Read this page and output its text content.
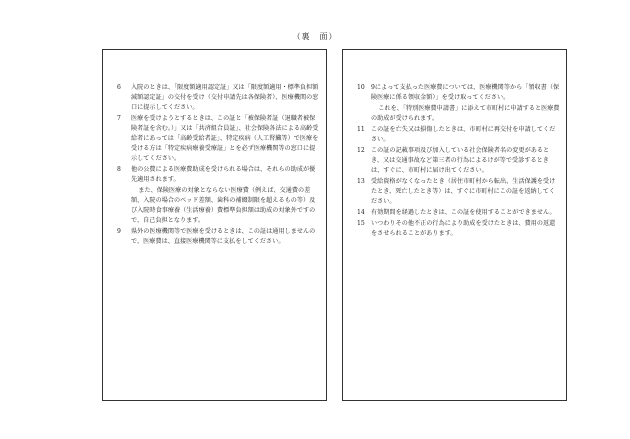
（裏　面）
6	入院のときは、「限度額適用認定証」又は「限度額適用・標準負担額減額認定証」の交付を受け（交付申請先は各保険者）、医療機関の窓口に提示してください。
7	医療を受けようとするときは、この証と「被保険者証（退職者被保険者証を含む。）」又は「共済組合員証」、社会保険各法による高齢受給者にあっては「高齢受給者証」、特定疾病（人工腎臓等）で医療を受ける方は「特定疾病療養受療証」とを必ず医療機関等の窓口に提示してください。
8	他の公費による医療費助成を受けられる場合は、それらの助成が優先適用されます。
また、保険医療の対象とならない医療費（例えば、交通費の差額、入院の場合のベッド差額、歯科の補綴制限を超えるもの等）及び入院時食事療養（生活療養）費標準負担額は助成の対象外ですので、自己負担となります。
9	県外の医療機関等で医療を受けるときは、この証は通用しませんので、医療費は、直接医療機関等に支払をしてください。
10	9によって支払った医療費については、医療機関等から「領収書（保険医療に係る領収金額）」を受け取ってください。
これを、「特別医療費申請書」に添えて市町村に申請すると医療費の助成が受けられます。
11	この証を亡失又は損傷したときは、市町村に再交付を申請してください。
12	この証の記載事項及び加入している社会保険者名の変更があるとき、又は交通事故など第三者の行為によるけが等で受診するときは、すぐに、市町村に届け出てください。
13	受給資格がなくなったとき（居住市町村から転出、生活保護を受けたとき、死亡したとき等）は、すぐに市町村にこの証を返納してください。
14	有効期間を経過したときは、この証を使用することができません。
15	いつわりその他不正の行為により助成を受けたときは、費用の返還をさせられることがあります。
